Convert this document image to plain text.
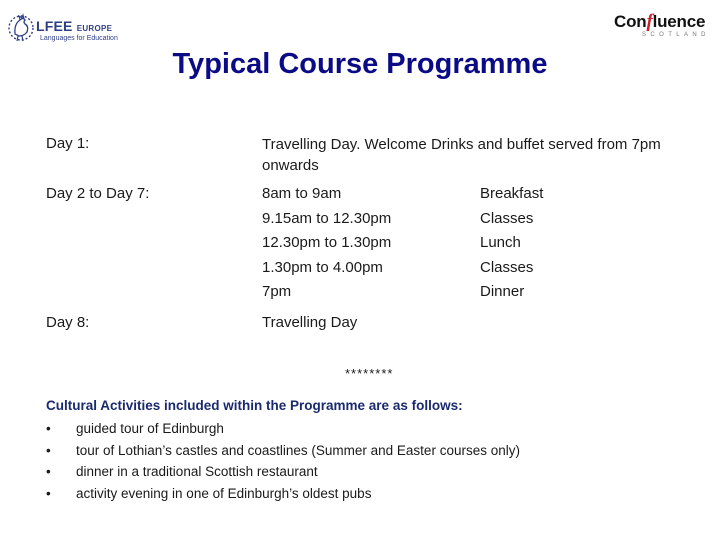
LFEE EUROPE
Languages for Education
Confluence
SCOTLAND
Typical Course Programme
Day 1:	Travelling Day. Welcome Drinks and buffet served from 7pm onwards
Day 2 to Day 7:	8am to 9am	Breakfast
9.15am to 12.30pm	Classes
12.30pm to 1.30pm	Lunch
1.30pm to 4.00pm	Classes
7pm	Dinner
Day 8:	Travelling Day
********
Cultural Activities included within the Programme are as follows:
• guided tour of Edinburgh
• tour of Lothian’s castles and coastlines (Summer and Easter courses only)
• dinner in a traditional Scottish restaurant
• activity evening in one of Edinburgh’s oldest pubs
